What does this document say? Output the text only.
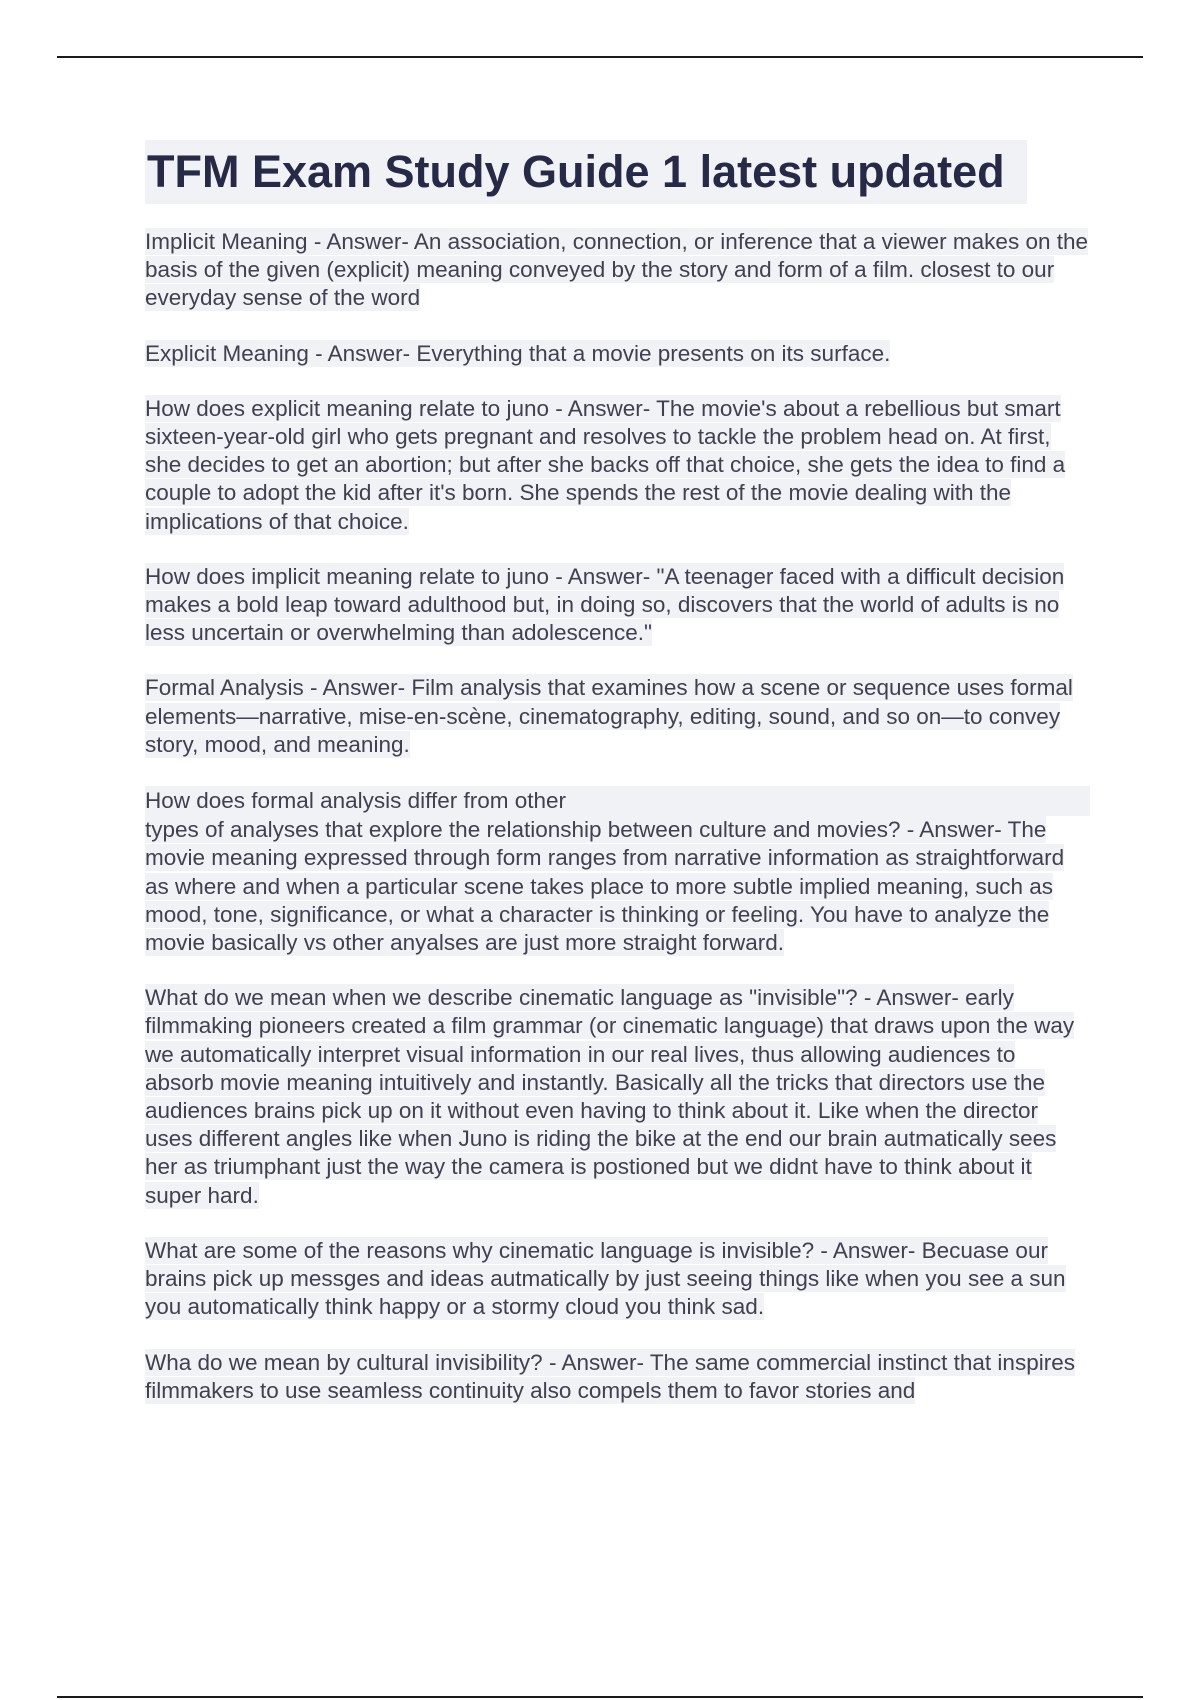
TFM Exam Study Guide 1 latest updated

Implicit Meaning - Answer- An association, connection, or inference that a viewer makes on the basis of the given (explicit) meaning conveyed by the story and form of a film. closest to our everyday sense of the word

Explicit Meaning - Answer- Everything that a movie presents on its surface.

How does explicit meaning relate to juno - Answer- The movie's about a rebellious but smart sixteen-year-old girl who gets pregnant and resolves to tackle the problem head on. At first, she decides to get an abortion; but after she backs off that choice, she gets the idea to find a couple to adopt the kid after it's born. She spends the rest of the movie dealing with the implications of that choice.

How does implicit meaning relate to juno - Answer- "A teenager faced with a difficult decision makes a bold leap toward adulthood but, in doing so, discovers that the world of adults is no less uncertain or overwhelming than adolescence."

Formal Analysis - Answer- Film analysis that examines how a scene or sequence uses formal elements—narrative, mise-en-scène, cinematography, editing, sound, and so on—to convey story, mood, and meaning.

How does formal analysis differ from other
types of analyses that explore the relationship between culture and movies? - Answer- The movie meaning expressed through form ranges from narrative information as straightforward as where and when a particular scene takes place to more subtle implied meaning, such as mood, tone, significance, or what a character is thinking or feeling. You have to analyze the movie basically vs other anyalses are just more straight forward.

What do we mean when we describe cinematic language as "invisible"? - Answer- early filmmaking pioneers created a film grammar (or cinematic language) that draws upon the way we automatically interpret visual information in our real lives, thus allowing audiences to absorb movie meaning intuitively and instantly. Basically all the tricks that directors use the audiences brains pick up on it without even having to think about it. Like when the director uses different angles like when Juno is riding the bike at the end our brain autmatically sees her as triumphant just the way the camera is postioned but we didnt have to think about it super hard.

What are some of the reasons why cinematic language is invisible? - Answer- Becuase our brains pick up messges and ideas autmatically by just seeing things like when you see a sun you automatically think happy or a stormy cloud you think sad.

Wha do we mean by cultural invisibility? - Answer- The same commercial instinct that inspires filmmakers to use seamless continuity also compels them to favor stories and
